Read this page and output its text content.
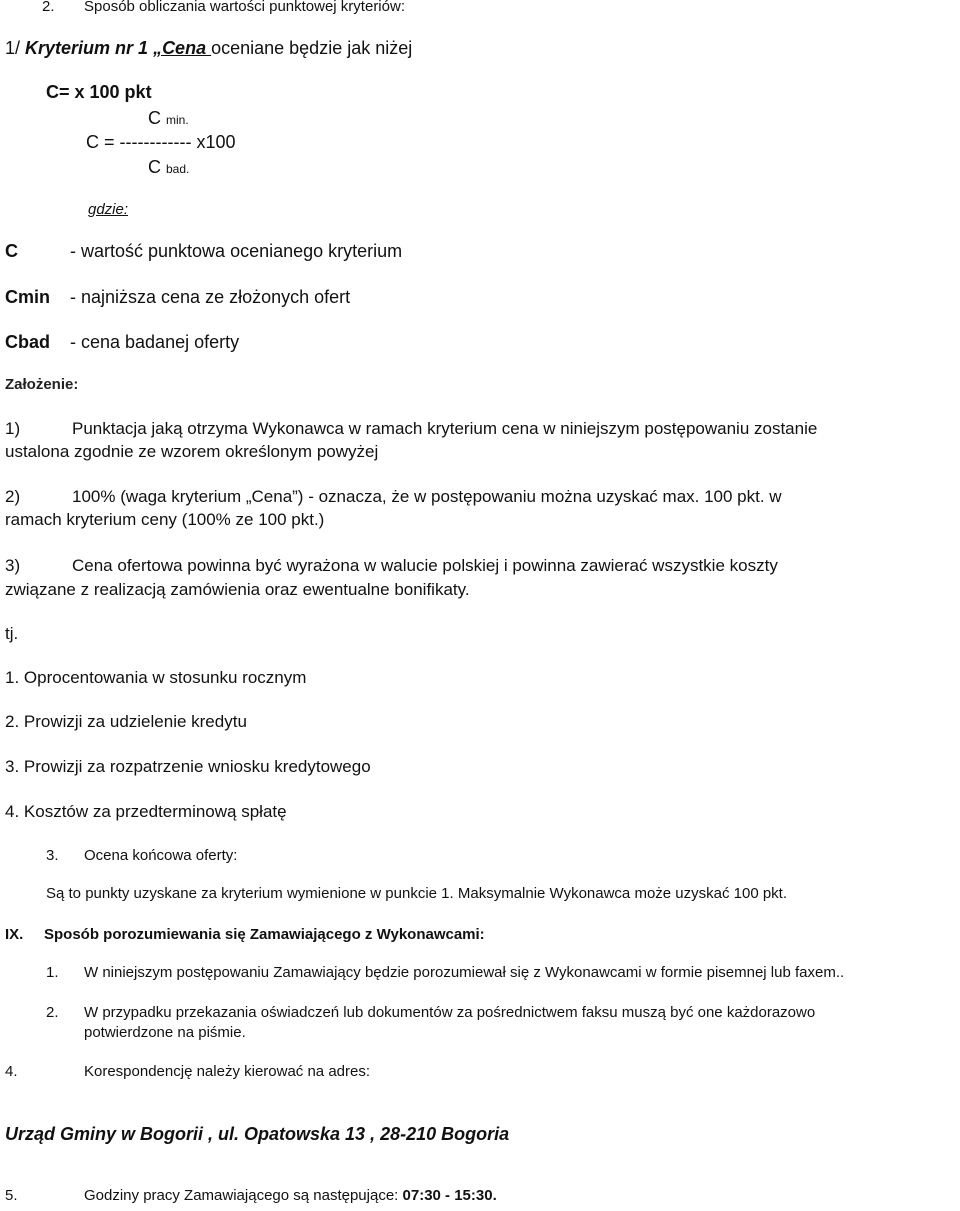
2. Sposób obliczania wartości punktowej kryteriów:
1/ Kryterium nr 1 „Cena oceniane będzie jak niżej
C= x 100 pkt
C min.
C = ------------ x100
C bad.
gdzie:
C	- wartość punktowa ocenianego kryterium
Cmin - najniższa cena ze złożonych ofert
Cbad - cena badanej oferty
Założenie:
1)	Punktacja jaką otrzyma Wykonawca w ramach kryterium cena w niniejszym postępowaniu zostanie
ustalona zgodnie ze wzorem określonym powyżej
2)	100% (waga kryterium „Cena”) - oznacza, że w postępowaniu można uzyskać max. 100 pkt. w
ramach kryterium ceny (100% ze 100 pkt.)
3)	Cena ofertowa powinna być wyrażona w walucie polskiej i powinna zawierać wszystkie koszty
związane z realizacją zamówienia oraz ewentualne bonifikaty.
tj.
1. Oprocentowania w stosunku rocznym
2. Prowizji za udzielenie kredytu
3. Prowizji za rozpatrzenie wniosku kredytowego
4. Kosztów za przedterminową spłatę
3. Ocena końcowa oferty:
Są to punkty uzyskane za kryterium wymienione w punkcie 1. Maksymalnie Wykonawca może uzyskać 100 pkt.
IX. Sposób porozumiewania się Zamawiającego z Wykonawcami:
1. W niniejszym postępowaniu Zamawiający będzie porozumiewał się z Wykonawcami w formie pisemnej lub faxem..
2. W przypadku przekazania oświadczeń lub dokumentów za pośrednictwem faksu muszą być one każdorazowo
potwierdzone na piśmie.
4.	Korespondencję należy kierować na adres:
Urząd Gminy w Bogorii , ul. Opatowska 13 , 28-210 Bogoria
5.	Godziny pracy Zamawiającego są następujące: 07:30 - 15:30.
